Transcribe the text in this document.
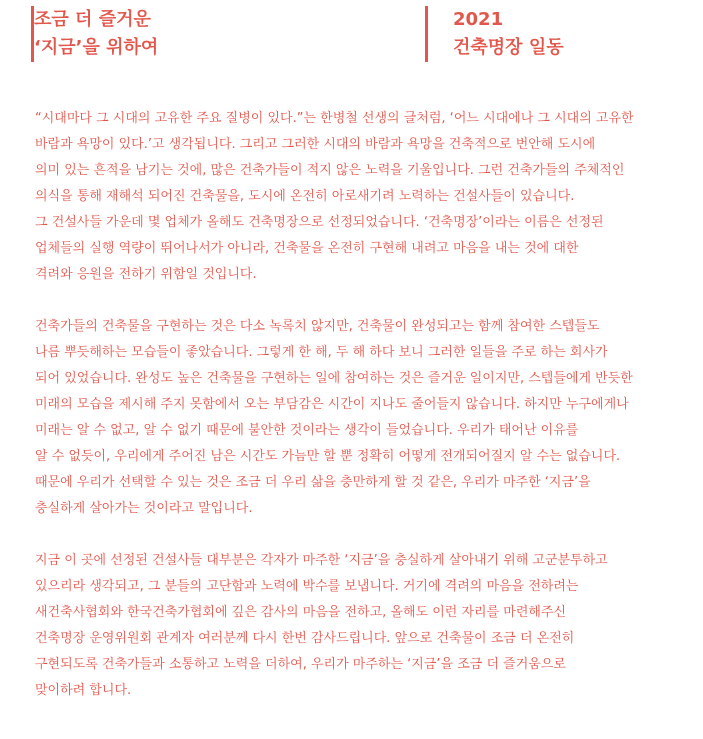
조금 더 즐거운
‘지금’을 위하여
2021
건축명장 일동
“시대마다 그 시대의 고유한 주요 질병이 있다.”는 한병철 선생의 글처럼, ‘어느 시대에나 그 시대의 고유한
바람과 욕망이 있다.’고 생각됩니다. 그리고 그러한 시대의 바람과 욕망을 건축적으로 번안해 도시에
의미 있는 흔적을 남기는 것에, 많은 건축가들이 적지 않은 노력을 기울입니다. 그런 건축가들의 주체적인
의식을 통해 재해석 되어진 건축물을, 도시에 온전히 아로새기려 노력하는 건설사들이 있습니다.
그 건설사들 가운데 몇 업체가 올해도 건축명장으로 선정되었습니다. ‘건축명장’이라는 이름은 선정된
업체들의 실행 역량이 뛰어나서가 아니라, 건축물을 온전히 구현해 내려고 마음을 내는 것에 대한
격려와 응원을 전하기 위함일 것입니다.
건축가들의 건축물을 구현하는 것은 다소 녹록치 않지만, 건축물이 완성되고는 함께 참여한 스텝들도
나름 뿌듯해하는 모습들이 좋았습니다. 그렇게 한 해, 두 해 하다 보니 그러한 일들을 주로 하는 회사가
되어 있었습니다. 완성도 높은 건축물을 구현하는 일에 참여하는 것은 즐거운 일이지만, 스텝들에게 반듯한
미래의 모습을 제시해 주지 못함에서 오는 부담감은 시간이 지나도 줄어들지 않습니다. 하지만 누구에게나
미래는 알 수 없고, 알 수 없기 때문에 불안한 것이라는 생각이 들었습니다. 우리가 태어난 이유를
알 수 없듯이, 우리에게 주어진 남은 시간도 가늠만 할 뿐 정확히 어떻게 전개되어질지 알 수는 없습니다.
때문에 우리가 선택할 수 있는 것은 조금 더 우리 삶을 충만하게 할 것 같은, 우리가 마주한 ‘지금’을
충실하게 살아가는 것이라고 말입니다.
지금 이 곳에 선정된 건설사들 대부분은 각자가 마주한 ‘지금’을 충실하게 살아내기 위해 고군분투하고
있으리라 생각되고, 그 분들의 고단함과 노력에 박수를 보냅니다. 거기에 격려의 마음을 전하려는
새건축사협회와 한국건축가협회에 깊은 감사의 마음을 전하고, 올해도 이런 자리를 마련해주신
건축명장 운영위원회 관계자 여러분께 다시 한번 감사드립니다. 앞으로 건축물이 조금 더 온전히
구현되도록 건축가들과 소통하고 노력을 더하여, 우리가 마주하는 ‘지금’을 조금 더 즐거움으로
맞이하려 합니다.
